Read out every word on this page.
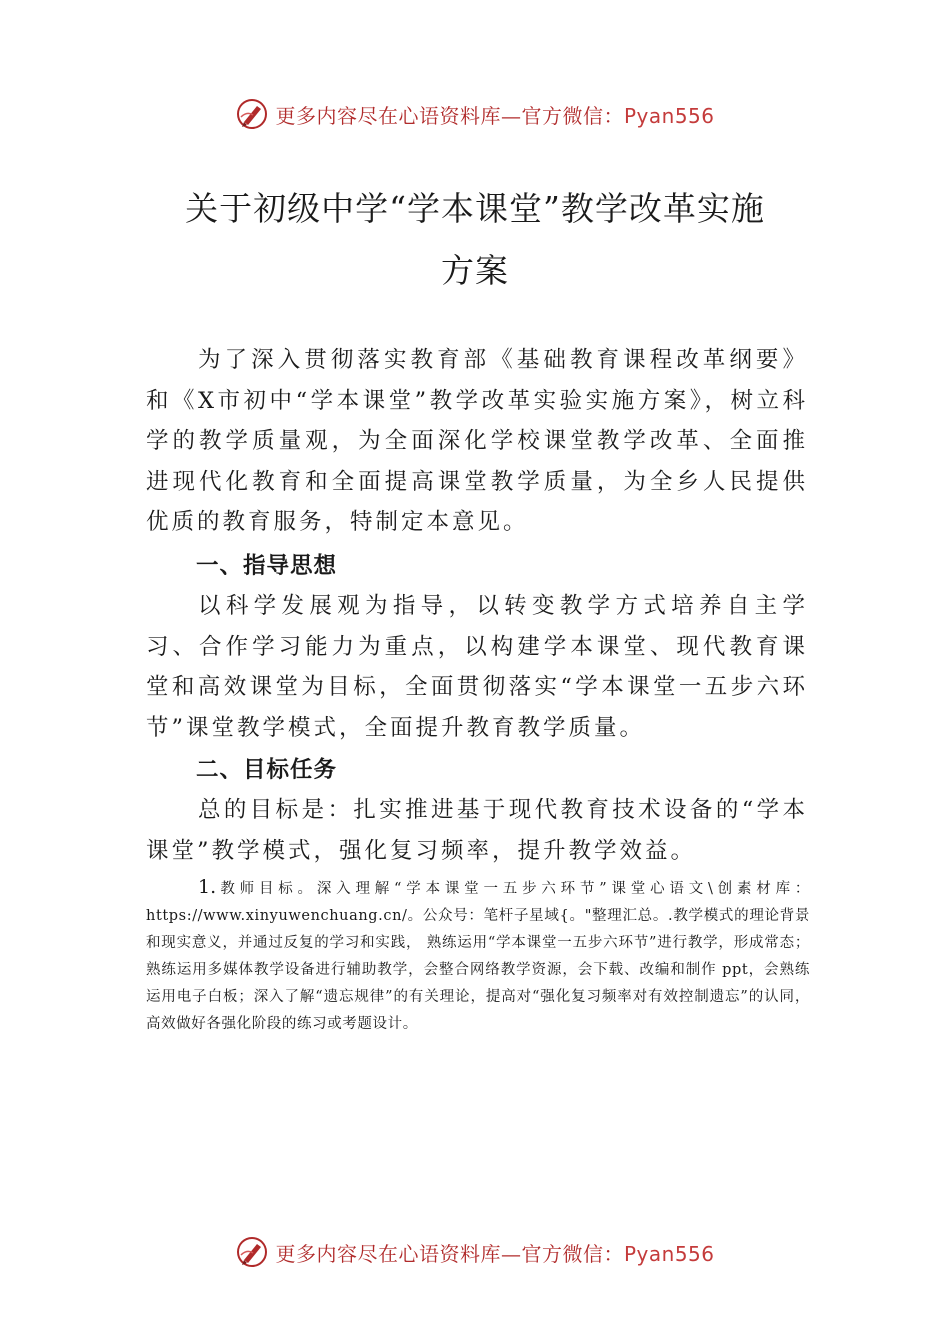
更多内容尽在心语资料库—官方微信：Pyan556
关于初级中学“学本课堂”教学改革实施
方案
为了深入贯彻落实教育部《基础教育课程改革纲要》和《X市初中“学本课堂”教学改革实验实施方案》，树立科学的教学质量观，为全面深化学校课堂教学改革、全面推进现代化教育和全面提高课堂教学质量，为全乡人民提供优质的教育服务，特制定本意见。
一、指导思想
以科学发展观为指导，以转变教学方式培养自主学习、合作学习能力为重点，以构建学本课堂、现代教育课堂和高效课堂为目标，全面贯彻落实“学本课堂一五步六环节”课堂教学模式，全面提升教育教学质量。
二、目标任务
总的目标是：扎实推进基于现代教育技术设备的“学本课堂”教学模式，强化复习频率，提升教学效益。
1.教师目标。深入理解“学本课堂一五步六环节”课堂心语文\创素材库：https://www.xinyuwenchuang.cn/。公众号：笔杆子星域{。"整理汇总。.教学模式的理论背景和现实意义，并通过反复的学习和实践， 熟练运用“学本课堂一五步六环节”进行教学，形成常态； 熟练运用多媒体教学设备进行辅助教学，会整合网络教学资源，会下载、改编和制作 ppt，会熟练运用电子白板；深入了解“遗忘规律”的有关理论，提高对“强化复习频率对有效控制遗忘”的认同，高效做好各强化阶段的练习或考题设计。
更多内容尽在心语资料库—官方微信：Pyan556
